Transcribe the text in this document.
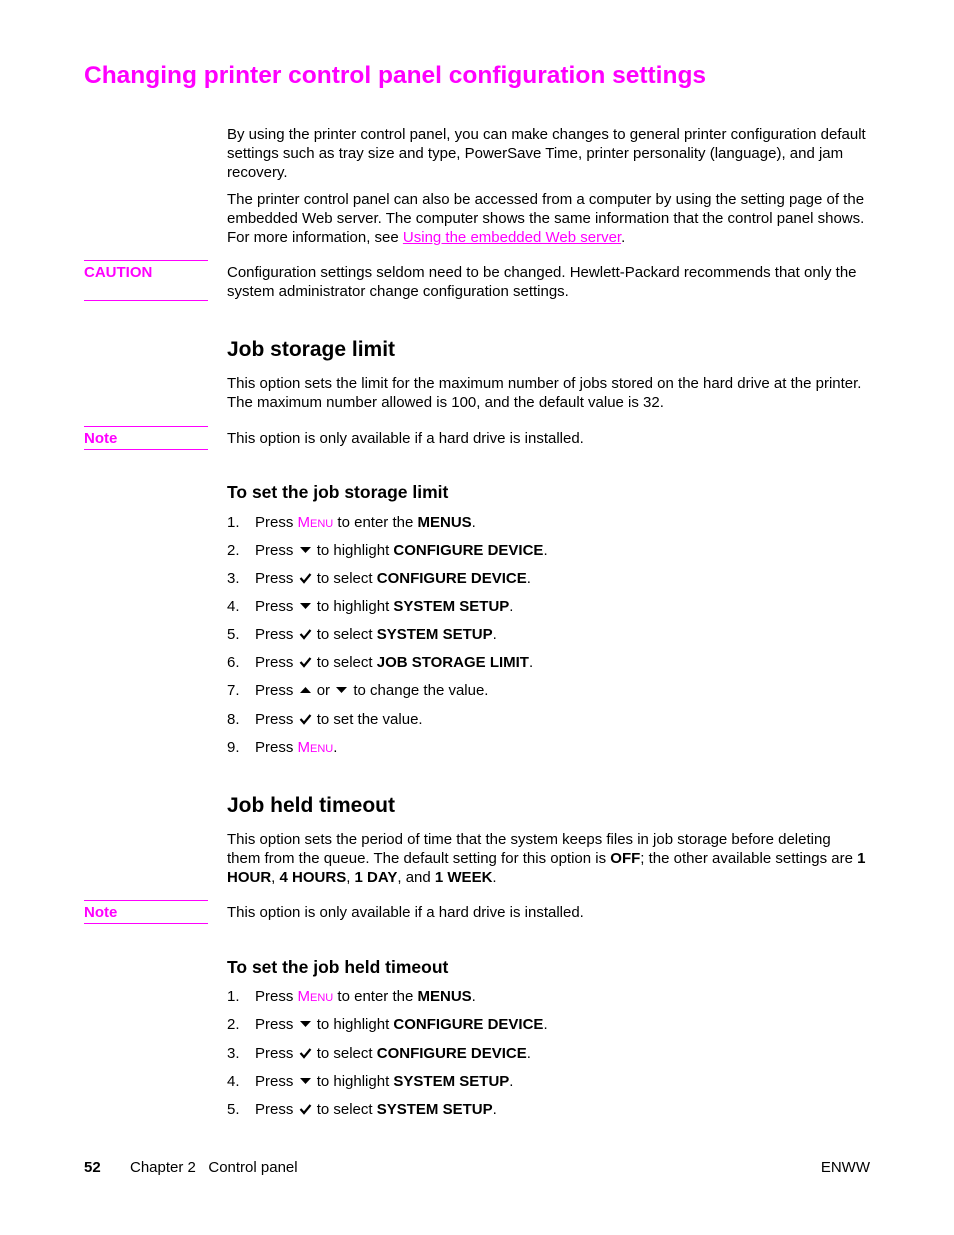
Changing printer control panel configuration settings

By using the printer control panel, you can make changes to general printer configuration default settings such as tray size and type, PowerSave Time, printer personality (language), and jam recovery.

The printer control panel can also be accessed from a computer by using the setting page of the embedded Web server. The computer shows the same information that the control panel shows. For more information, see Using the embedded Web server.

CAUTION	Configuration settings seldom need to be changed. Hewlett-Packard recommends that only the system administrator change configuration settings.

Job storage limit

This option sets the limit for the maximum number of jobs stored on the hard drive at the printer. The maximum number allowed is 100, and the default value is 32.

Note	This option is only available if a hard drive is installed.

To set the job storage limit
1. Press Menu to enter the MENUS.
2. Press to highlight CONFIGURE DEVICE.
3. Press to select CONFIGURE DEVICE.
4. Press to highlight SYSTEM SETUP.
5. Press to select SYSTEM SETUP.
6. Press to select JOB STORAGE LIMIT.
7. Press or to change the value.
8. Press to set the value.
9. Press Menu.
Job held timeout

This option sets the period of time that the system keeps files in job storage before deleting them from the queue. The default setting for this option is OFF; the other available settings are 1 HOUR, 4 HOURS, 1 DAY, and 1 WEEK.

Note	This option is only available if a hard drive is installed.

To set the job held timeout
1. Press Menu to enter the MENUS.
2. Press to highlight CONFIGURE DEVICE.
3. Press to select CONFIGURE DEVICE.
4. Press to highlight SYSTEM SETUP.
5. Press to select SYSTEM SETUP.
52 Chapter 2   Control panel	ENWW
